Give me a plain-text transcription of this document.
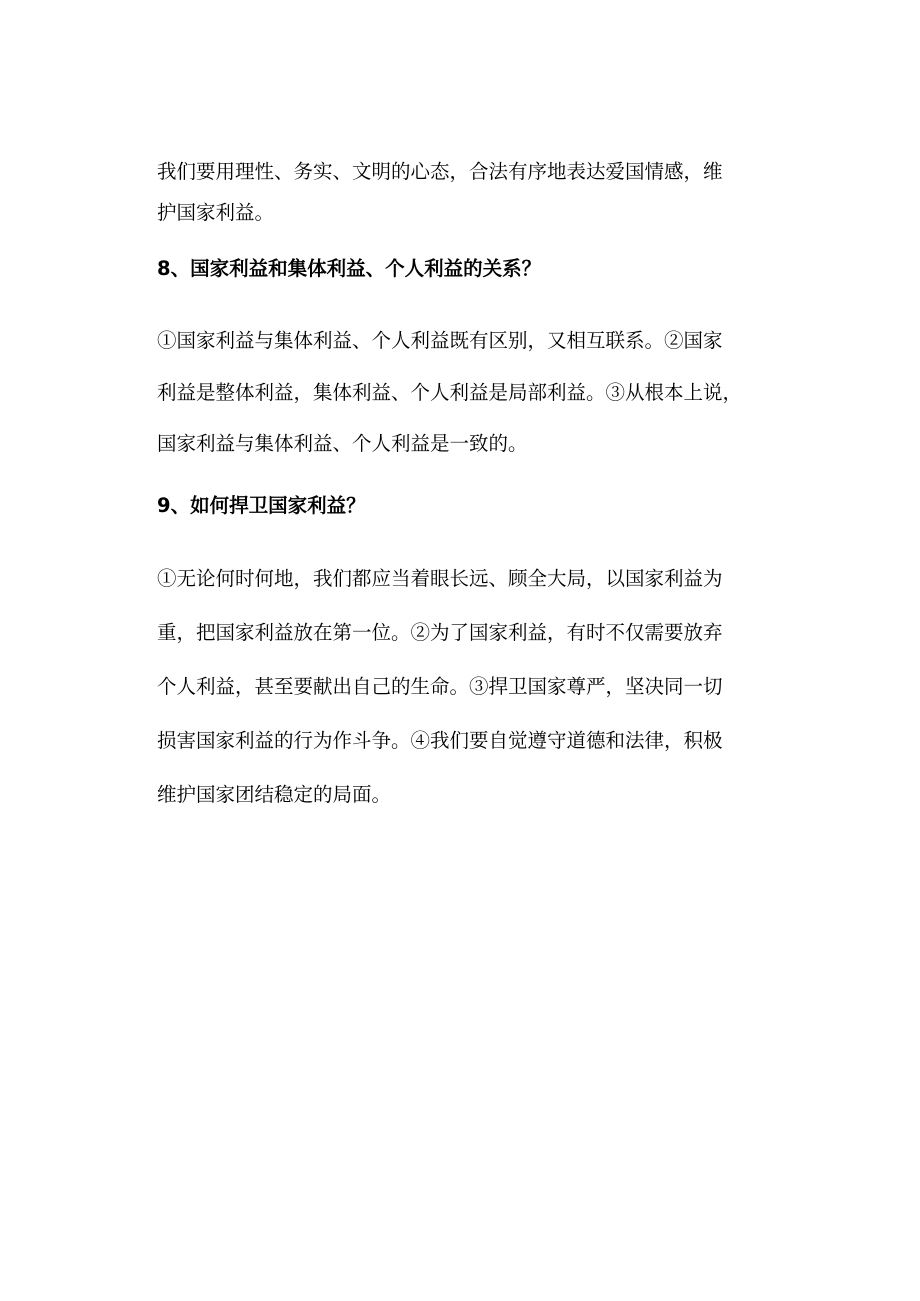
我们要用理性、务实、文明的心态，合法有序地表达爱国情感，维
护国家利益。
8、国家利益和集体利益、个人利益的关系？
①国家利益与集体利益、个人利益既有区别，又相互联系。②国家
利益是整体利益，集体利益、个人利益是局部利益。③从根本上说，
国家利益与集体利益、个人利益是一致的。
9、如何捍卫国家利益？
①无论何时何地，我们都应当着眼长远、顾全大局，以国家利益为
重，把国家利益放在第一位。②为了国家利益，有时不仅需要放弃
个人利益，甚至要献出自己的生命。③捍卫国家尊严，坚决同一切
损害国家利益的行为作斗争。④我们要自觉遵守道德和法律，积极
维护国家团结稳定的局面。
